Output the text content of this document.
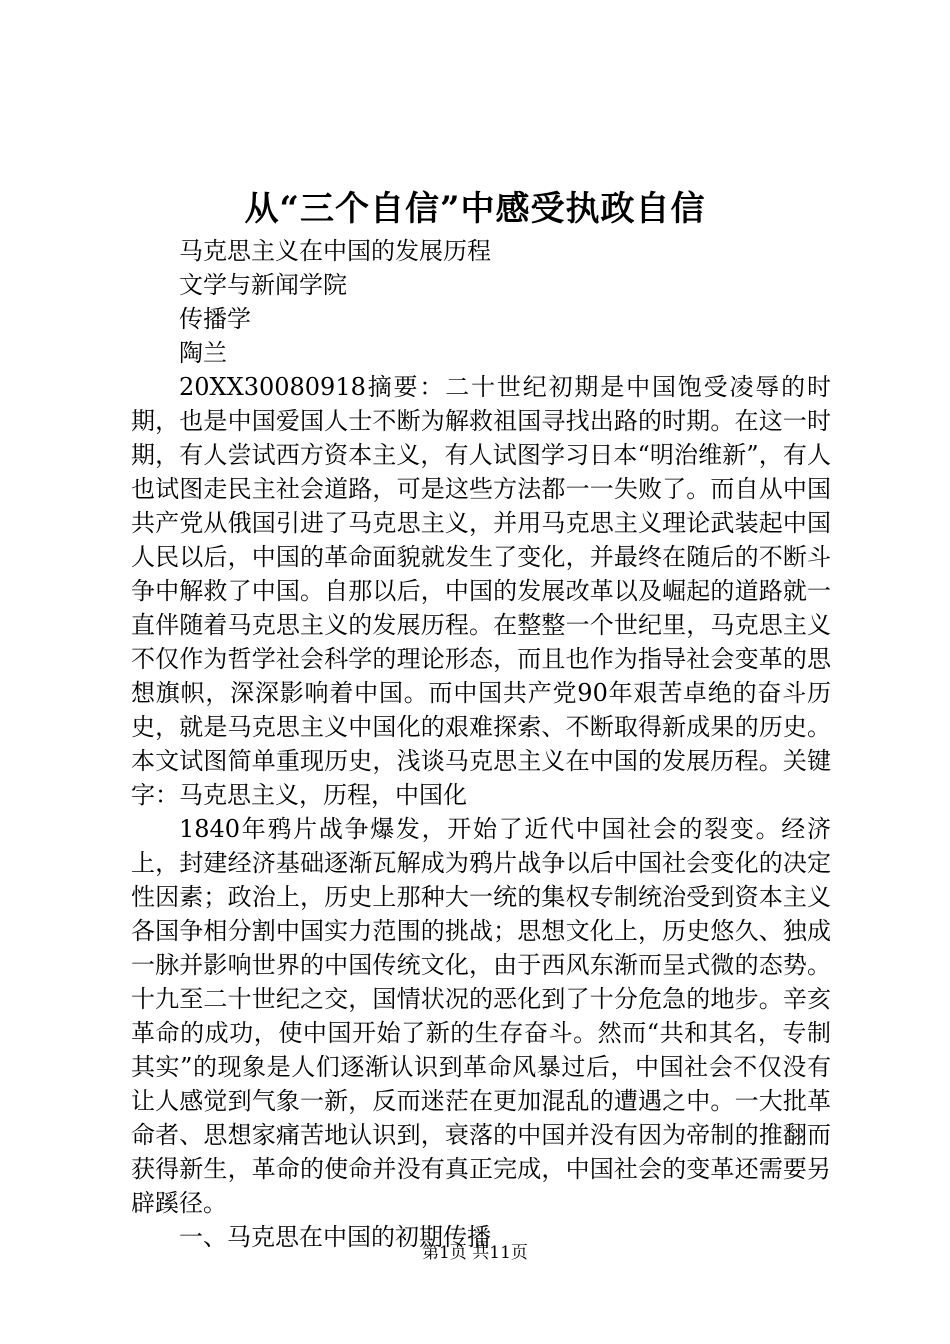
从“三个自信”中感受执政自信

马克思主义在中国的发展历程

文学与新闻学院

传播学

陶兰

20XX30080918摘要：二十世纪初期是中国饱受凌辱的时期，也是中国爱国人士不断为解救祖国寻找出路的时期。在这一时期，有人尝试西方资本主义，有人试图学习日本“明治维新”，有人也试图走民主社会道路，可是这些方法都一一失败了。而自从中国共产党从俄国引进了马克思主义，并用马克思主义理论武装起中国人民以后，中国的革命面貌就发生了变化，并最终在随后的不断斗争中解救了中国。自那以后，中国的发展改革以及崛起的道路就一直伴随着马克思主义的发展历程。在整整一个世纪里，马克思主义不仅作为哲学社会科学的理论形态，而且也作为指导社会变革的思想旗帜，深深影响着中国。而中国共产党90年艰苦卓绝的奋斗历史，就是马克思主义中国化的艰难探索、不断取得新成果的历史。本文试图简单重现历史，浅谈马克思主义在中国的发展历程。关键字：马克思主义，历程，中国化

1840年鸦片战争爆发，开始了近代中国社会的裂变。经济上，封建经济基础逐渐瓦解成为鸦片战争以后中国社会变化的决定性因素；政治上，历史上那种大一统的集权专制统治受到资本主义各国争相分割中国实力范围的挑战；思想文化上，历史悠久、独成一脉并影响世界的中国传统文化，由于西风东渐而呈式微的态势。十九至二十世纪之交，国情状况的恶化到了十分危急的地步。辛亥革命的成功，使中国开始了新的生存奋斗。然而“共和其名，专制其实”的现象是人们逐渐认识到革命风暴过后，中国社会不仅没有让人感觉到气象一新，反而迷茫在更加混乱的遭遇之中。一大批革命者、思想家痛苦地认识到，衰落的中国并没有因为帝制的推翻而获得新生，革命的使命并没有真正完成，中国社会的变革还需要另辟蹊径。

一、马克思在中国的初期传播

第1页 共11页
